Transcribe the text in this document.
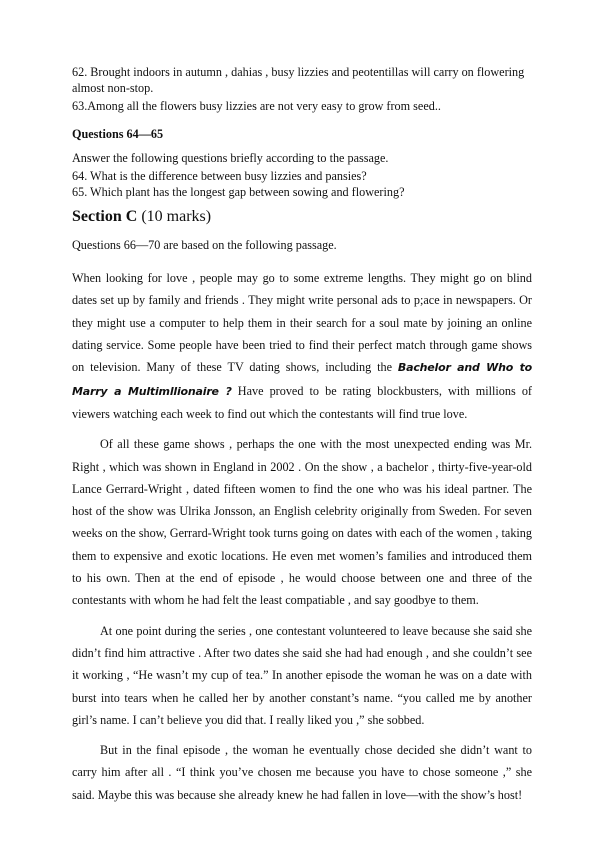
62. Brought indoors in autumn , dahias , busy lizzies and peotentillas will carry on flowering almost non-stop.

63.Among all the flowers busy lizzies are not very easy to grow from seed..

Questions 64—65

Answer the following questions briefly according to the passage.

64. What is the difference between busy lizzies and pansies?

65. Which plant has the longest gap between sowing and flowering?

Section C (10 marks)

Questions 66—70 are based on the following passage.

When looking for love , people may go to some extreme lengths. They might go on blind dates set up by family and friends . They might write personal ads to p;ace in newspapers. Or they might use a computer to help them in their search for a soul mate by joining an online dating service. Some people have been tried to find their perfect match through game shows on television. Many of these TV dating shows, including the Bachelor and Who to Marry a Multimllionaire ? Have proved to be rating blockbusters, with millions of viewers watching each week to find out which the contestants will find true love.

Of all these game shows , perhaps the one with the most unexpected ending was Mr. Right , which was shown in England in 2002 . On the show , a bachelor , thirty-five-year-old Lance Gerrard-Wright , dated fifteen women to find the one who was his ideal partner. The host of the show was Ulrika Jonsson, an English celebrity originally from Sweden. For seven weeks on the show, Gerrard-Wright took turns going on dates with each of the women , taking them to expensive and exotic locations. He even met women’s families and introduced them to his own. Then at the end of episode , he would choose between one and three of the contestants with whom he had felt the least compatiable , and say goodbye to them.

At one point during the series , one contestant volunteered to leave because she said she didn’t find him attractive . After two dates she said she had had enough , and she couldn’t see it working , “He wasn’t my cup of tea.” In another episode the woman he was on a date with burst into tears when he called her by another constant’s name. “you called me by another girl’s name. I can’t believe you did that. I really liked you ,” she sobbed.

But in the final episode , the woman he eventually chose decided she didn’t want to carry him after all . “I think you’ve chosen me because you have to chose someone ,” she said. Maybe this was because she already knew he had fallen in love—with the show’s host!
